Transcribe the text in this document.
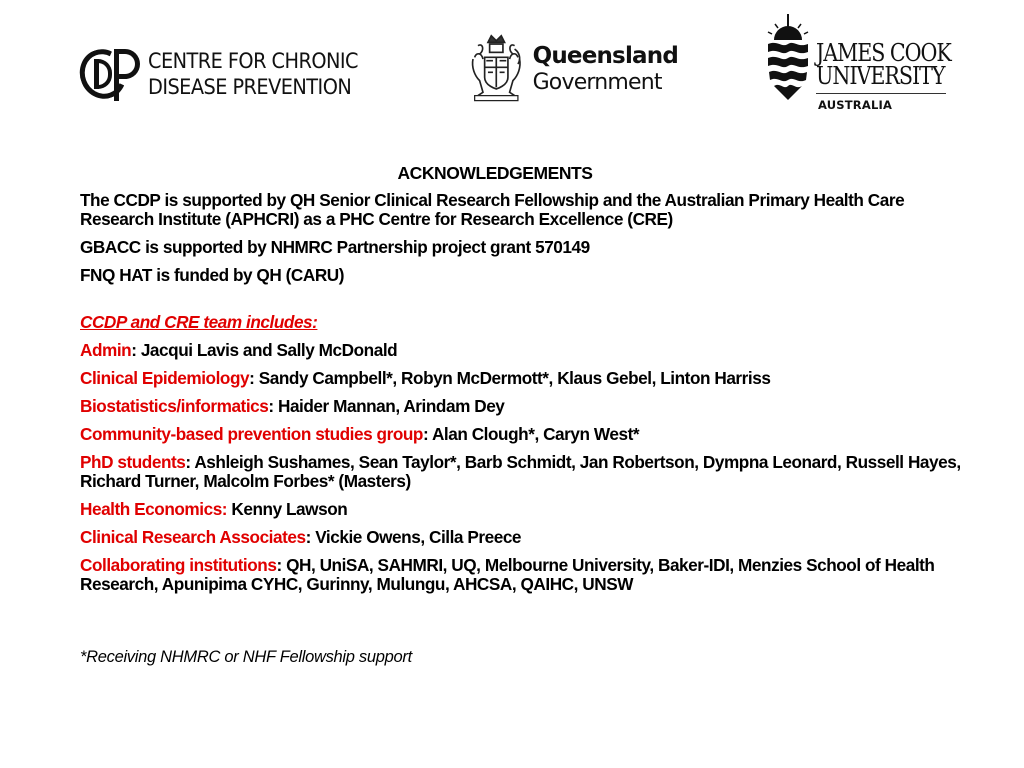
CENTRE FOR CHRONIC
DISEASE PREVENTION
Queensland
Government
JAMES COOK
UNIVERSITY
AUSTRALIA
ACKNOWLEDGEMENTS

The CCDP is supported by QH Senior Clinical Research Fellowship and the Australian Primary Health Care Research Institute (APHCRI) as a PHC Centre for Research Excellence (CRE)

GBACC is supported by NHMRC Partnership project grant 570149

FNQ HAT is funded by QH (CARU)

CCDP and CRE team includes:

Admin: Jacqui Lavis and Sally McDonald

Clinical Epidemiology: Sandy Campbell*, Robyn McDermott*, Klaus Gebel, Linton Harriss

Biostatistics/informatics: Haider Mannan, Arindam Dey

Community-based prevention studies group: Alan Clough*, Caryn West*

PhD students: Ashleigh Sushames, Sean Taylor*, Barb Schmidt, Jan Robertson, Dympna Leonard, Russell Hayes, Richard Turner, Malcolm Forbes* (Masters)

Health Economics: Kenny Lawson

Clinical Research Associates: Vickie Owens, Cilla Preece

Collaborating institutions: QH, UniSA, SAHMRI, UQ, Melbourne University, Baker-IDI, Menzies School of Health Research, Apunipima CYHC, Gurinny, Mulungu, AHCSA, QAIHC, UNSW

*Receiving NHMRC or NHF Fellowship support
